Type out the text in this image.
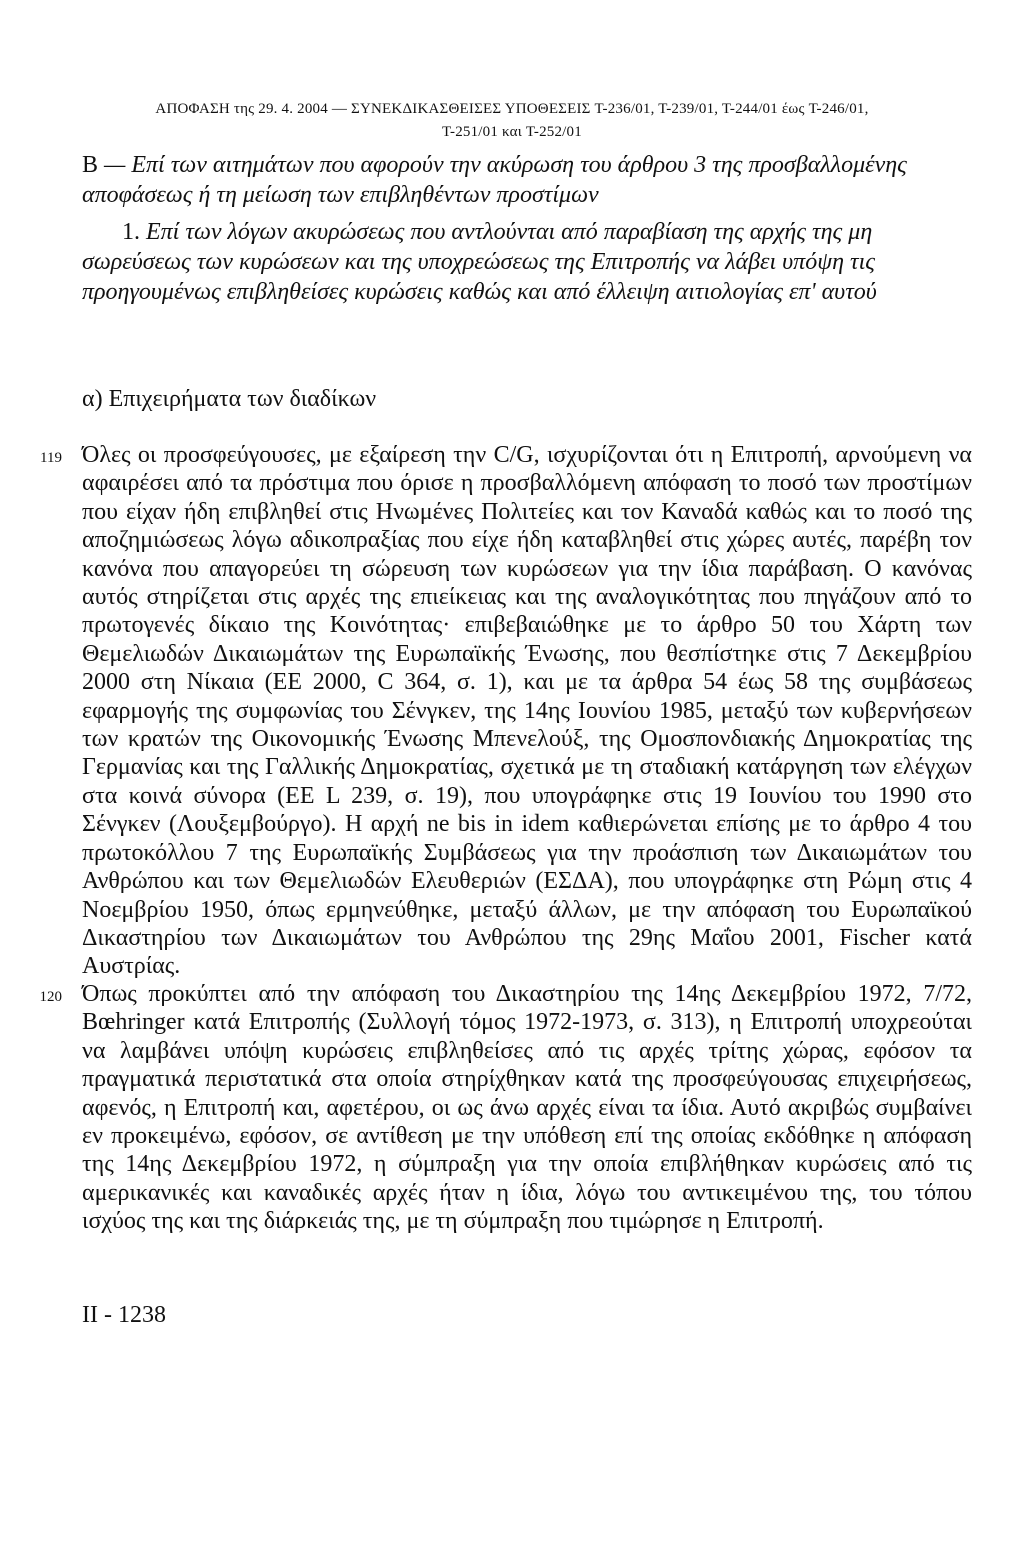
ΑΠΟΦΑΣΗ της 29. 4. 2004 — ΣΥΝΕΚΔΙΚΑΣΘΕΙΣΕΣ ΥΠΟΘΕΣΕΙΣ T-236/01, T-239/01, T-244/01 έως T-246/01,
T-251/01 και T-252/01
Β — Επί των αιτημάτων που αφορούν την ακύρωση του άρθρου 3 της προσβαλλομένης αποφάσεως ή τη μείωση των επιβληθέντων προστίμων
1. Επί των λόγων ακυρώσεως που αντλούνται από παραβίαση της αρχής της μη σωρεύσεως των κυρώσεων και της υποχρεώσεως της Επιτροπής να λάβει υπόψη τις προηγουμένως επιβληθείσες κυρώσεις καθώς και από έλλειψη αιτιολογίας επ' αυτού
α) Επιχειρήματα των διαδίκων
119 Όλες οι προσφεύγουσες, με εξαίρεση την C/G, ισχυρίζονται ότι η Επιτροπή, αρνούμενη να αφαιρέσει από τα πρόστιμα που όρισε η προσβαλλόμενη απόφαση το ποσό των προστίμων που είχαν ήδη επιβληθεί στις Ηνωμένες Πολιτείες και τον Καναδά καθώς και το ποσό της αποζημιώσεως λόγω αδικοπραξίας που είχε ήδη καταβληθεί στις χώρες αυτές, παρέβη τον κανόνα που απαγορεύει τη σώρευση των κυρώσεων για την ίδια παράβαση. Ο κανόνας αυτός στηρίζεται στις αρχές της επιείκειας και της αναλογικότητας που πηγάζουν από το πρωτογενές δίκαιο της Κοινότητας· επιβεβαιώθηκε με το άρθρο 50 του Χάρτη των Θεμελιωδών Δικαιωμάτων της Ευρωπαϊκής Ένωσης, που θεσπίστηκε στις 7 Δεκεμβρίου 2000 στη Νίκαια (ΕΕ 2000, C 364, σ. 1), και με τα άρθρα 54 έως 58 της συμβάσεως εφαρμογής της συμφωνίας του Σένγκεν, της 14ης Ιουνίου 1985, μεταξύ των κυβερνήσεων των κρατών της Οικονομικής Ένωσης Μπενελούξ, της Ομοσπονδιακής Δημοκρατίας της Γερμανίας και της Γαλλικής Δημοκρατίας, σχετικά με τη σταδιακή κατάργηση των ελέγχων στα κοινά σύνορα (ΕΕ L 239, σ. 19), που υπογράφηκε στις 19 Ιουνίου του 1990 στο Σένγκεν (Λουξεμβούργο). Η αρχή ne bis in idem καθιερώνεται επίσης με το άρθρο 4 του πρωτοκόλλου 7 της Ευρωπαϊκής Συμβάσεως για την προάσπιση των Δικαιωμάτων του Ανθρώπου και των Θεμελιωδών Ελευθεριών (ΕΣΔΑ), που υπογράφηκε στη Ρώμη στις 4 Νοεμβρίου 1950, όπως ερμηνεύθηκε, μεταξύ άλλων, με την απόφαση του Ευρωπαϊκού Δικαστηρίου των Δικαιωμάτων του Ανθρώπου της 29ης Μαΐου 2001, Fischer κατά Αυστρίας.
120 Όπως προκύπτει από την απόφαση του Δικαστηρίου της 14ης Δεκεμβρίου 1972, 7/72, Bœhringer κατά Επιτροπής (Συλλογή τόμος 1972-1973, σ. 313), η Επιτροπή υποχρεούται να λαμβάνει υπόψη κυρώσεις επιβληθείσες από τις αρχές τρίτης χώρας, εφόσον τα πραγματικά περιστατικά στα οποία στηρίχθηκαν κατά της προσφεύγουσας επιχειρήσεως, αφενός, η Επιτροπή και, αφετέρου, οι ως άνω αρχές είναι τα ίδια. Αυτό ακριβώς συμβαίνει εν προκειμένω, εφόσον, σε αντίθεση με την υπόθεση επί της οποίας εκδόθηκε η απόφαση της 14ης Δεκεμβρίου 1972, η σύμπραξη για την οποία επιβλήθηκαν κυρώσεις από τις αμερικανικές και καναδικές αρχές ήταν η ίδια, λόγω του αντικειμένου της, του τόπου ισχύος της και της διάρκειάς της, με τη σύμπραξη που τιμώρησε η Επιτροπή.
II - 1238
